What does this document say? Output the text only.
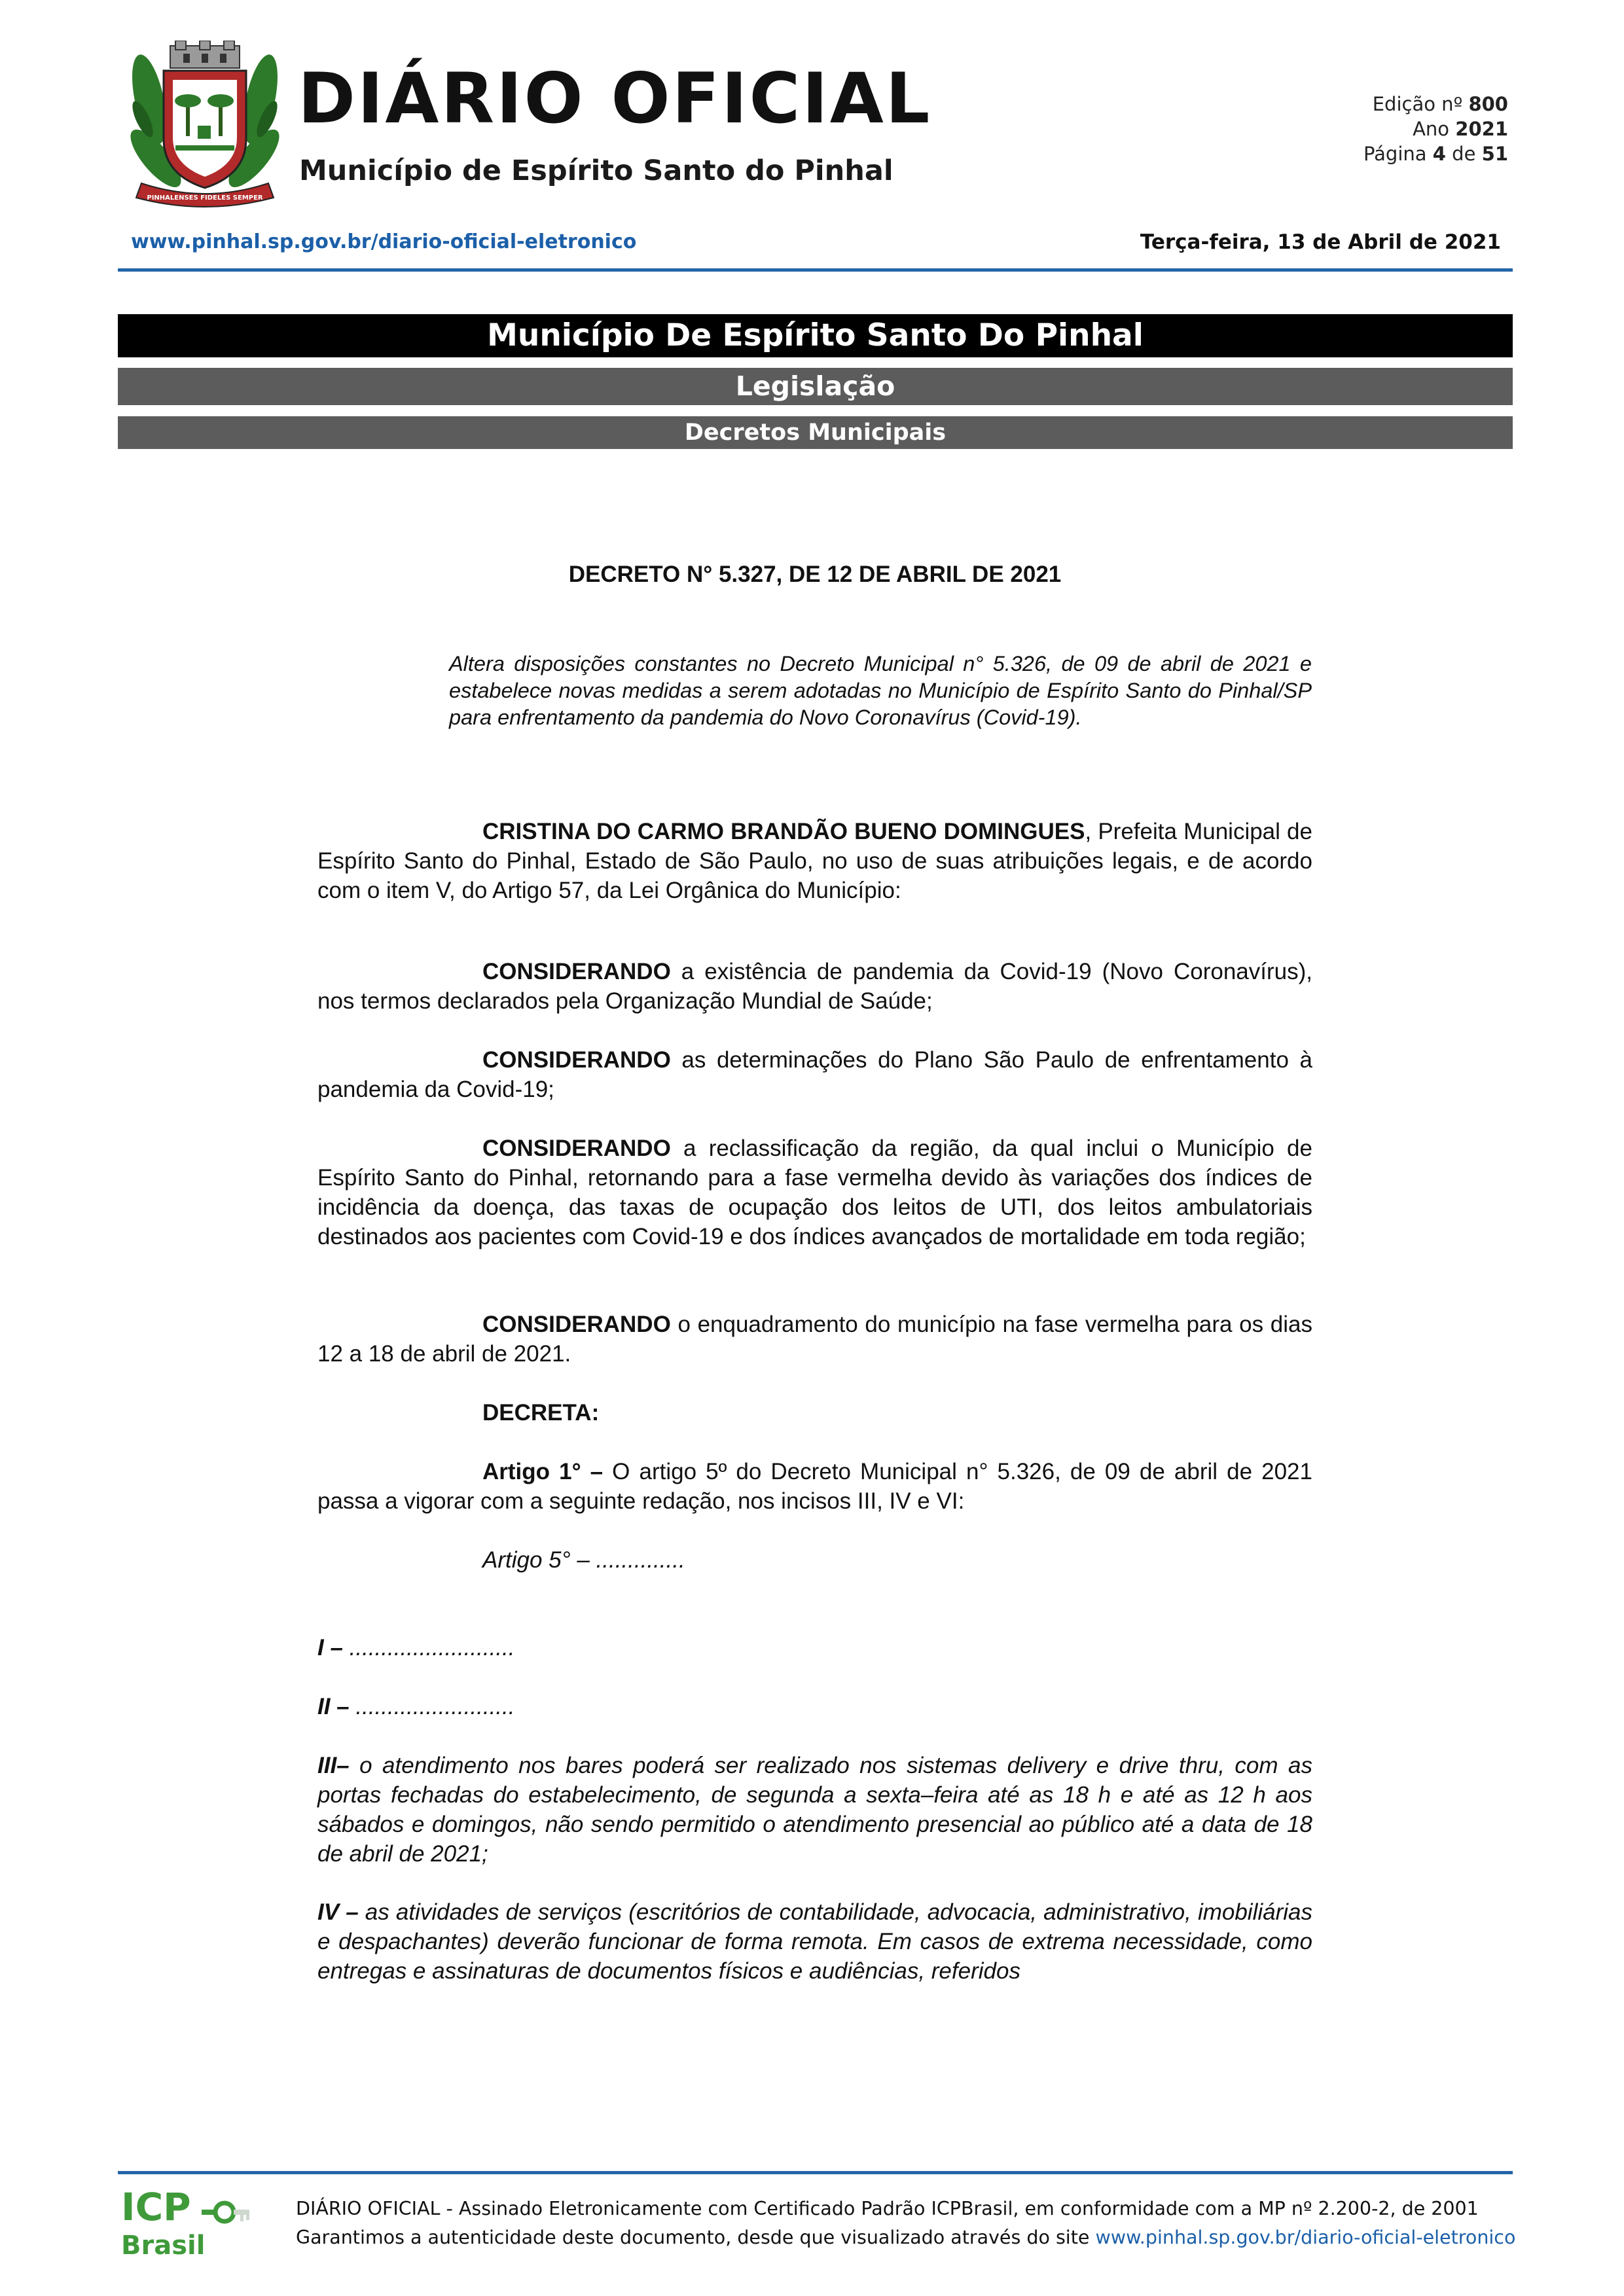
PINHALENSES FIDELES SEMPER
DIÁRIO OFICIAL
Município de Espírito Santo do Pinhal
Edição nº 800
Ano 2021
Página 4 de 51
www.pinhal.sp.gov.br/diario-oficial-eletronico	Terça-feira, 13 de Abril de 2021
Município De Espírito Santo Do Pinhal
Legislação
Decretos Municipais
DECRETO N° 5.327, DE 12 DE ABRIL DE 2021
Altera disposições constantes no Decreto Municipal n° 5.326, de 09 de abril de 2021 e estabelece novas medidas a serem adotadas no Município de Espírito Santo do Pinhal/SP para enfrentamento da pandemia do Novo Coronavírus (Covid-19).
CRISTINA DO CARMO BRANDÃO BUENO DOMINGUES, Prefeita Municipal de Espírito Santo do Pinhal, Estado de São Paulo, no uso de suas atribuições legais, e de acordo com o item V, do Artigo 57, da Lei Orgânica do Município:
CONSIDERANDO a existência de pandemia da Covid-19 (Novo Coronavírus), nos termos declarados pela Organização Mundial de Saúde;
CONSIDERANDO as determinações do Plano São Paulo de enfrentamento à pandemia da Covid-19;
CONSIDERANDO a reclassificação da região, da qual inclui o Município de Espírito Santo do Pinhal, retornando para a fase vermelha devido às variações dos índices de incidência da doença, das taxas de ocupação dos leitos de UTI, dos leitos ambulatoriais destinados aos pacientes com Covid-19 e dos índices avançados de mortalidade em toda região;
CONSIDERANDO o enquadramento do município na fase vermelha para os dias 12 a 18 de abril de 2021.
DECRETA:
Artigo 1° – O artigo 5º do Decreto Municipal n° 5.326, de 09 de abril de 2021 passa a vigorar com a seguinte redação, nos incisos III, IV e VI:
Artigo 5° – ..............
I – ..........................
II – .........................
III– o atendimento nos bares poderá ser realizado nos sistemas delivery e drive thru, com as portas fechadas do estabelecimento, de segunda a sexta–feira até as 18 h e até as 12 h aos sábados e domingos, não sendo permitido o atendimento presencial ao público até a data de 18 de abril de 2021;
IV – as atividades de serviços (escritórios de contabilidade, advocacia, administrativo, imobiliárias e despachantes) deverão funcionar de forma remota. Em casos de extrema necessidade, como entregas e assinaturas de documentos físicos e audiências, referidos
ICP
Brasil
DIÁRIO OFICIAL - Assinado Eletronicamente com Certificado Padrão ICPBrasil, em conformidade com a MP nº 2.200-2, de 2001
Garantimos a autenticidade deste documento, desde que visualizado através do site www.pinhal.sp.gov.br/diario-oficial-eletronico
